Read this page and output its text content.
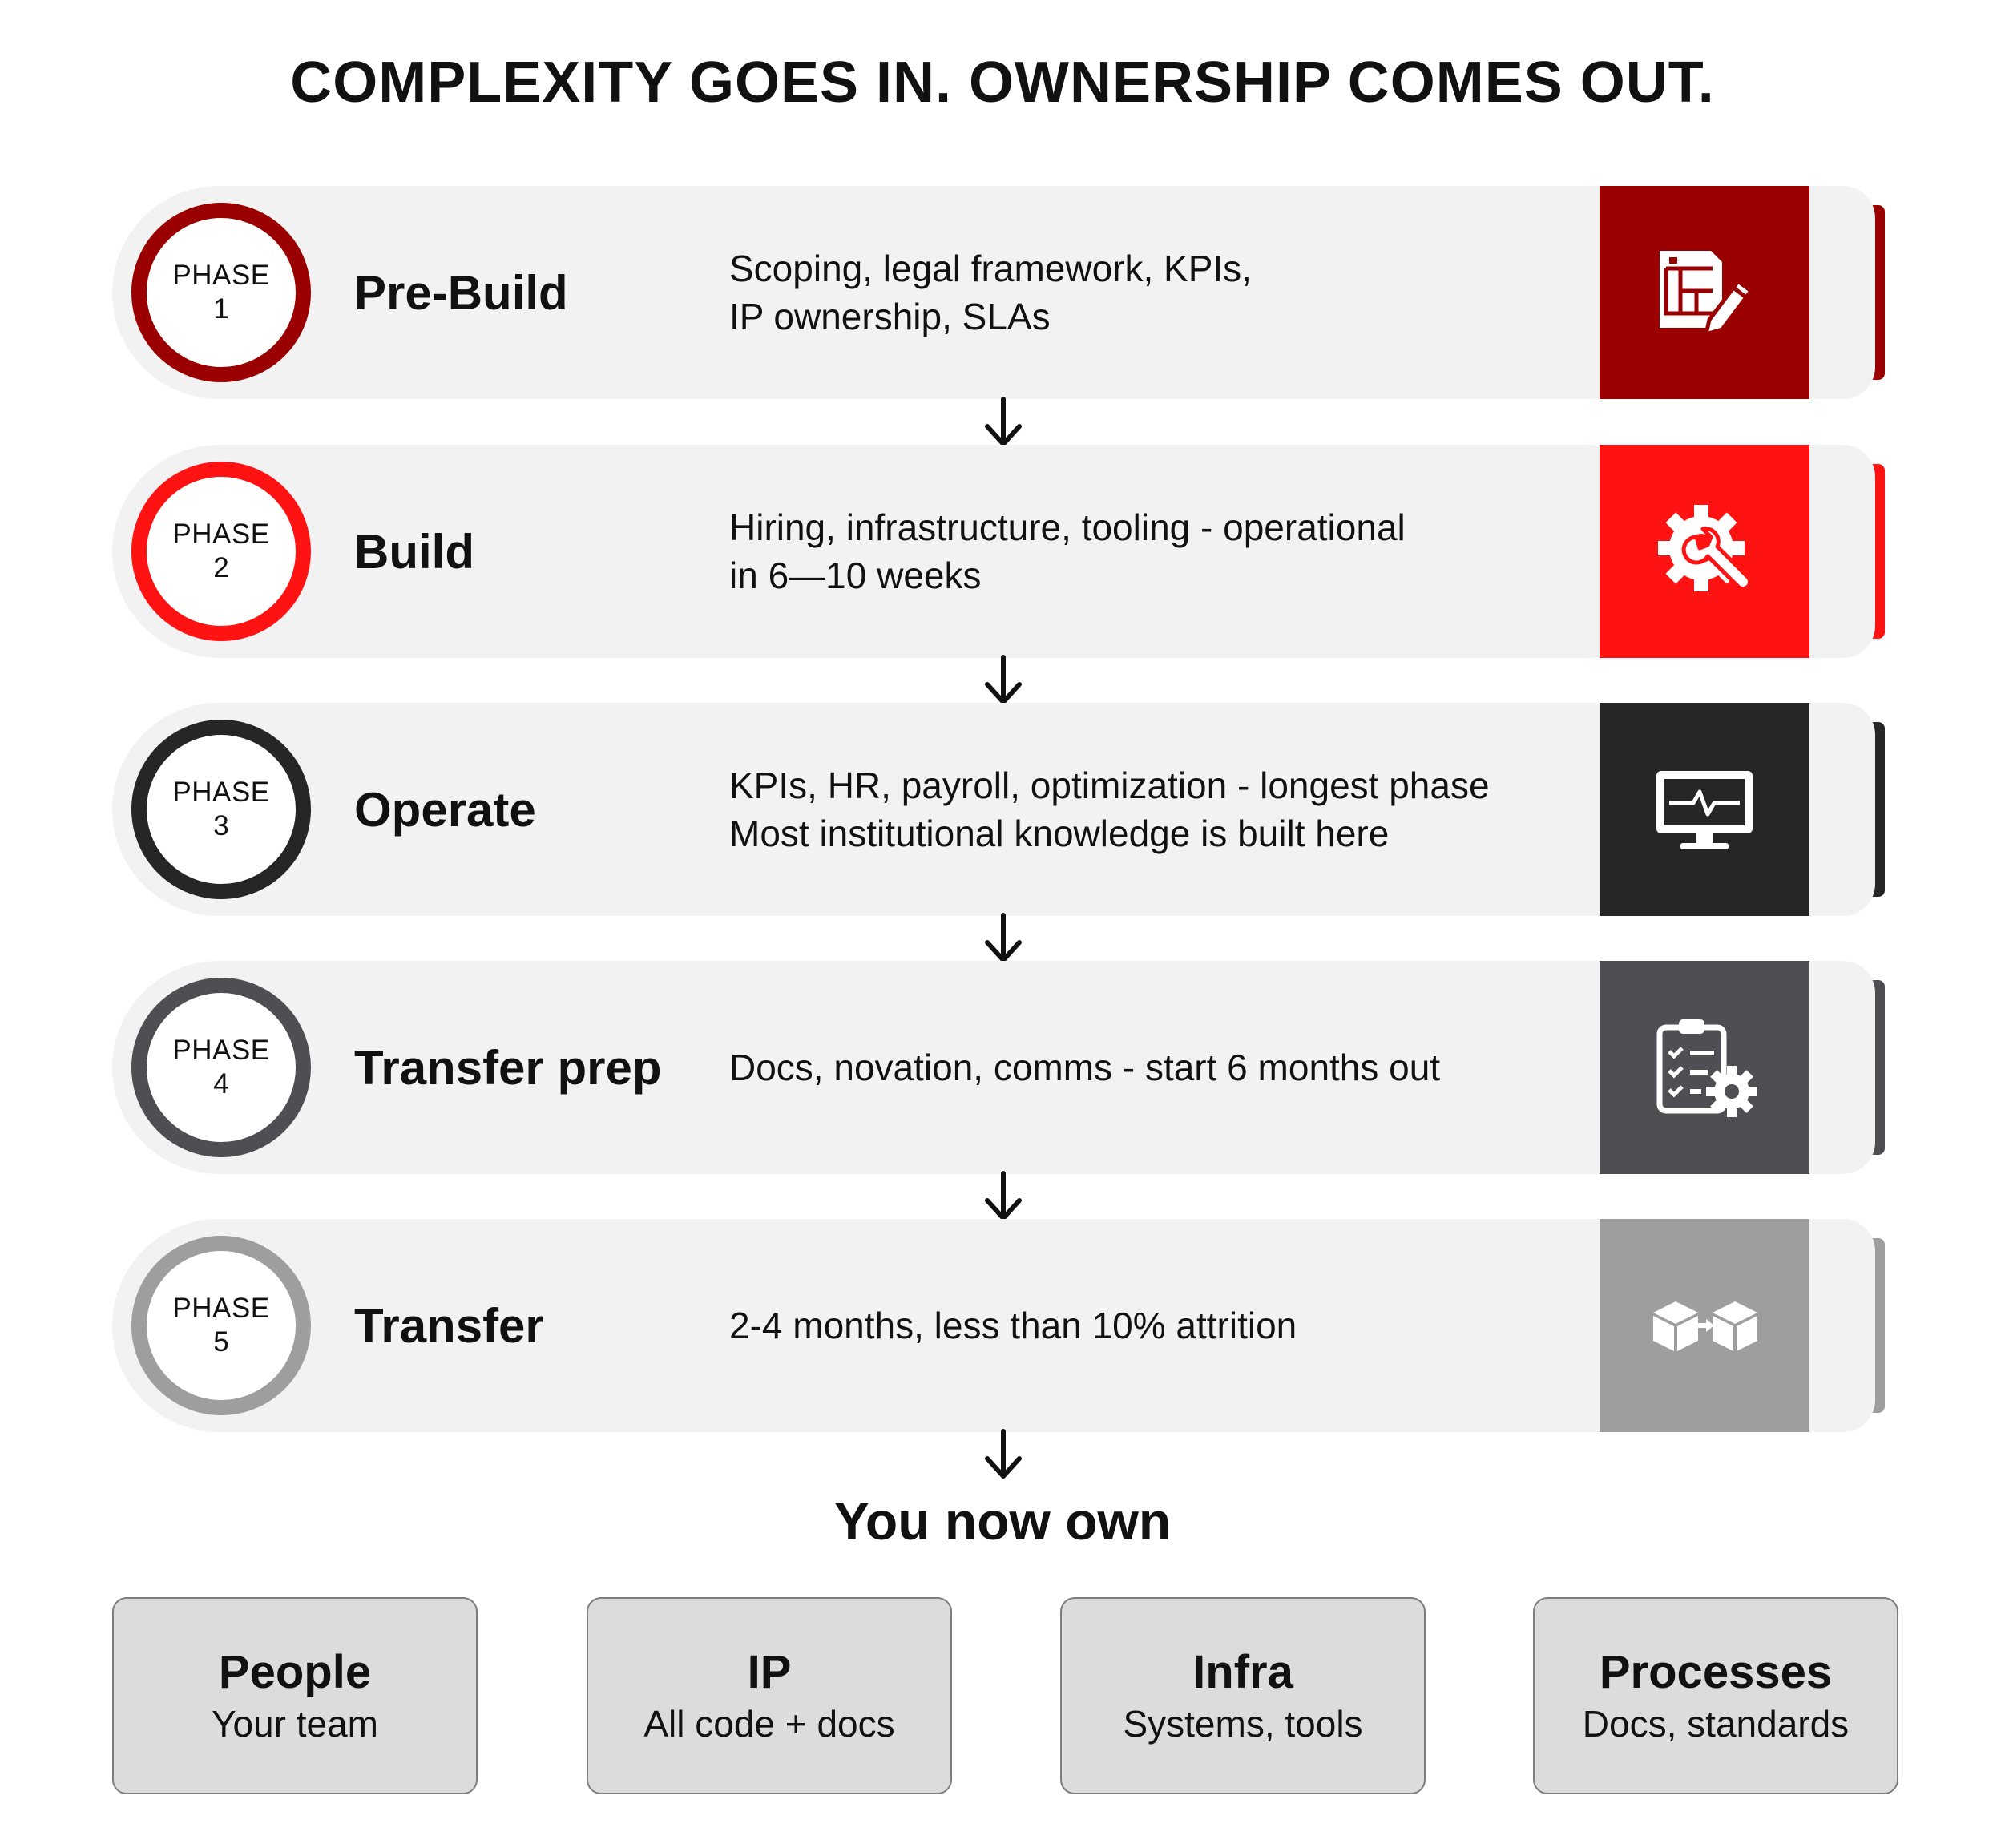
COMPLEXITY GOES IN. OWNERSHIP COMES OUT.
PHASE
1	Pre-Build	Scoping, legal framework, KPIs,
IP ownership, SLAs
PHASE
2	Build	Hiring, infrastructure, tooling - operational
in 6—10 weeks
PHASE
3	Operate	KPIs, HR, payroll, optimization - longest phase
Most institutional knowledge is built here
PHASE
4	Transfer prep Docs, novation, comms - start 6 months out
PHASE
5	Transfer	2-4 months, less than 10% attrition
You now own
People
Your team
IP
All code + docs
Infra
Systems, tools
Processes
Docs, standards
